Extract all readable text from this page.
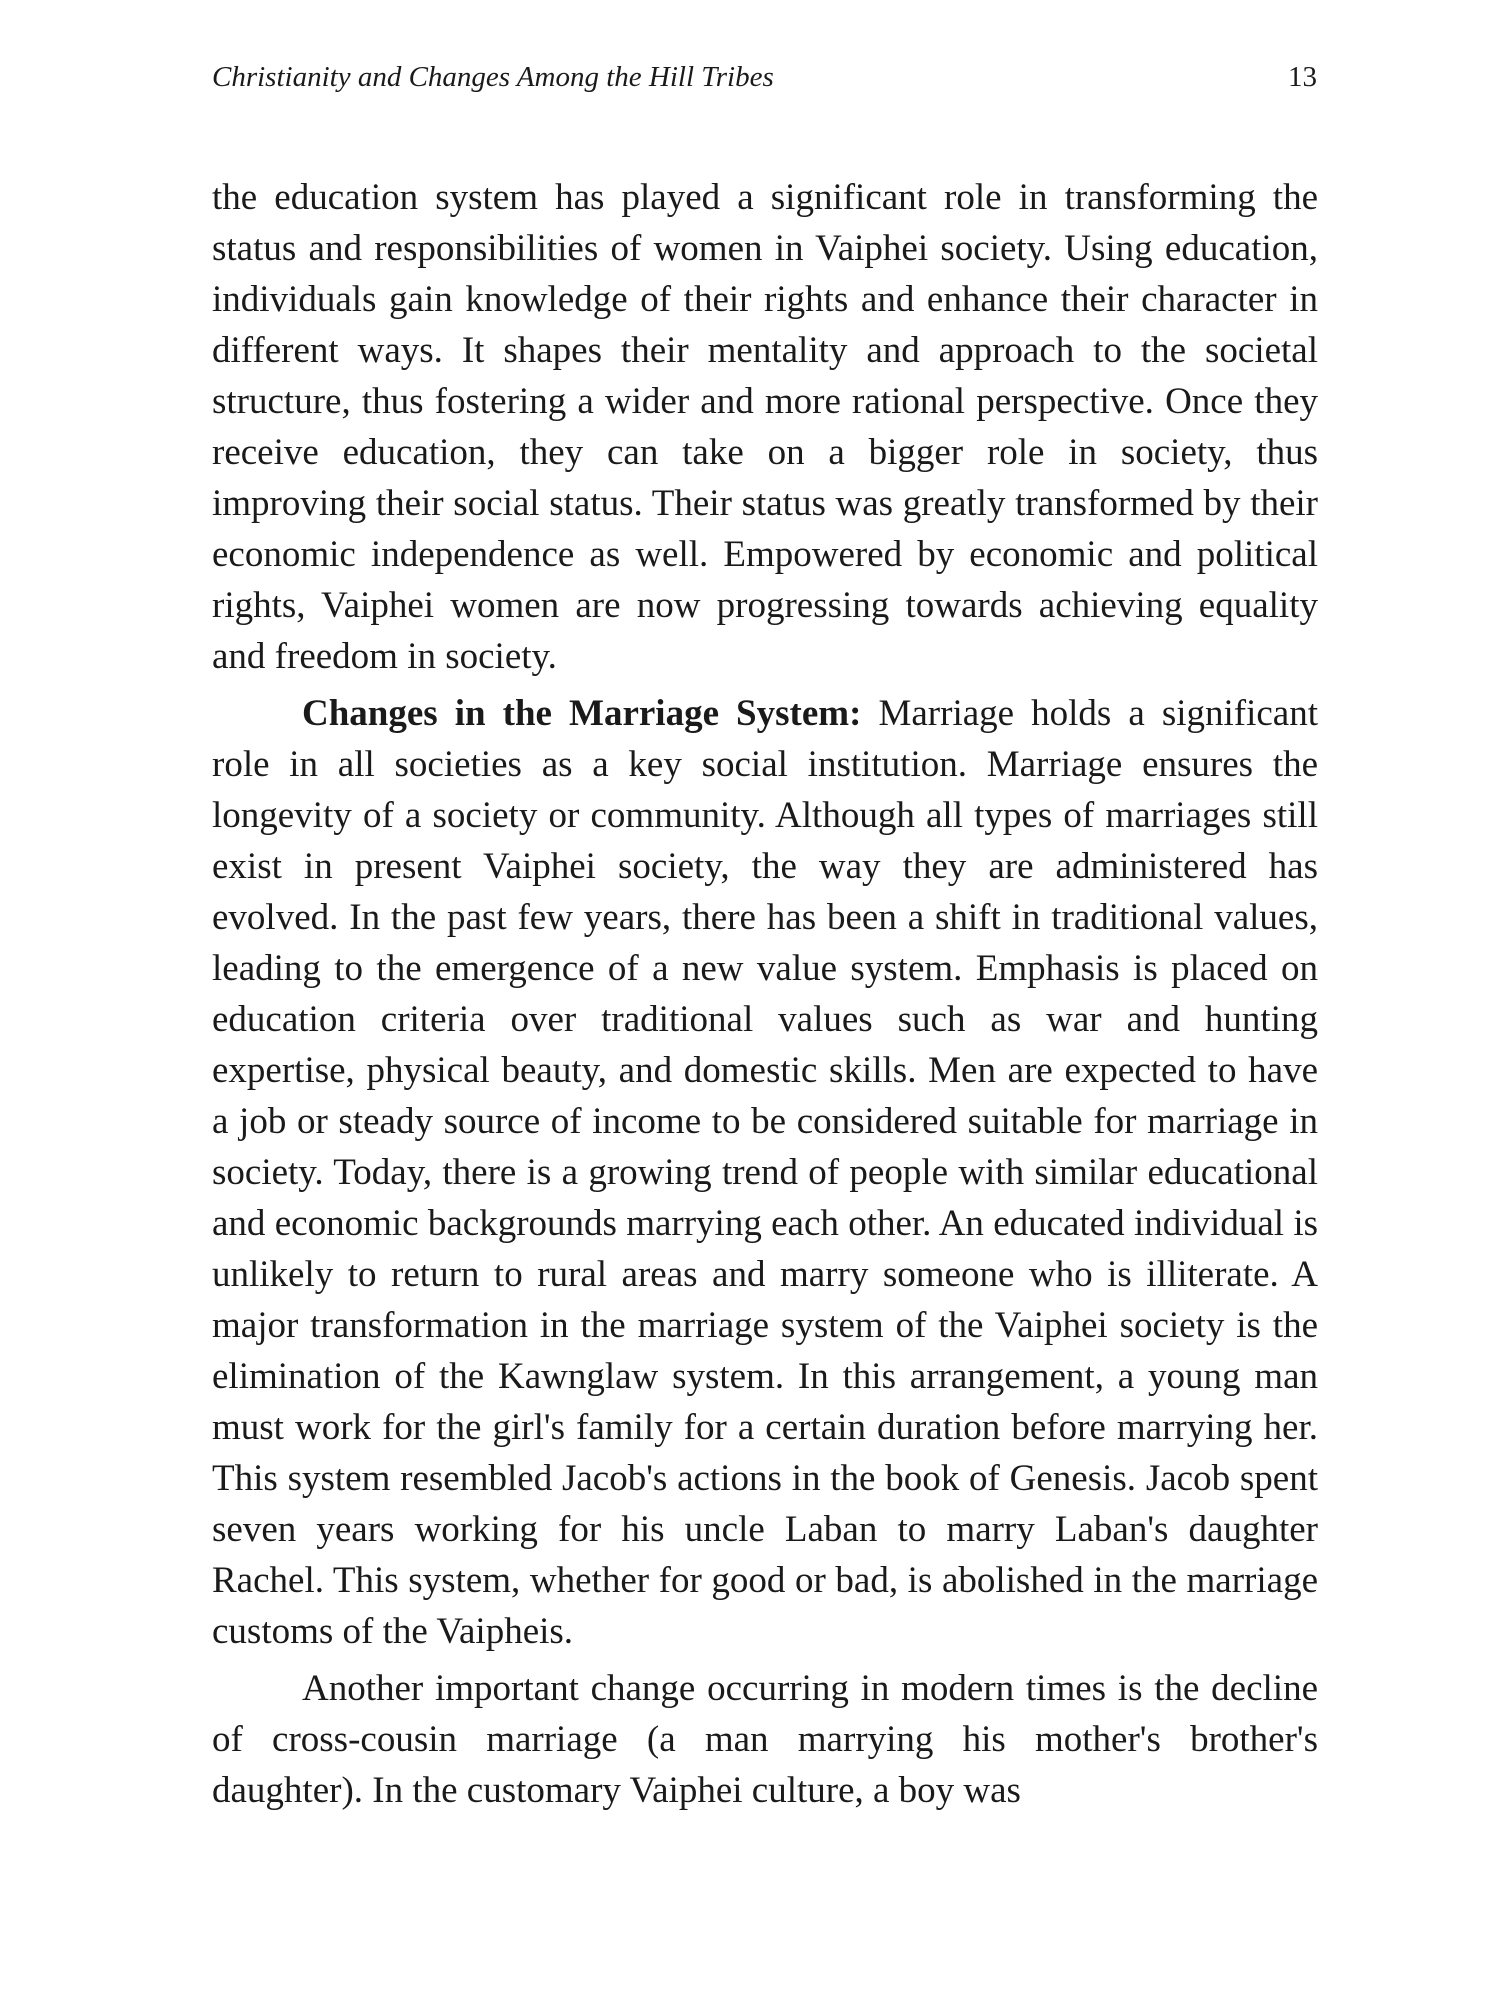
Christianity and Changes Among the Hill Tribes	13

the education system has played a significant role in transforming the status and responsibilities of women in Vaiphei society. Using education, individuals gain knowledge of their rights and enhance their character in different ways. It shapes their mentality and approach to the societal structure, thus fostering a wider and more rational perspective. Once they receive education, they can take on a bigger role in society, thus improving their social status. Their status was greatly transformed by their economic independence as well. Empowered by economic and political rights, Vaiphei women are now progressing towards achieving equality and freedom in society.

Changes in the Marriage System: Marriage holds a significant role in all societies as a key social institution. Marriage ensures the longevity of a society or community. Although all types of marriages still exist in present Vaiphei society, the way they are administered has evolved. In the past few years, there has been a shift in traditional values, leading to the emergence of a new value system. Emphasis is placed on education criteria over traditional values such as war and hunting expertise, physical beauty, and domestic skills. Men are expected to have a job or steady source of income to be considered suitable for marriage in society. Today, there is a growing trend of people with similar educational and economic backgrounds marrying each other. An educated individual is unlikely to return to rural areas and marry someone who is illiterate. A major transformation in the marriage system of the Vaiphei society is the elimination of the Kawnglaw system. In this arrangement, a young man must work for the girl's family for a certain duration before marrying her. This system resembled Jacob's actions in the book of Genesis. Jacob spent seven years working for his uncle Laban to marry Laban's daughter Rachel. This system, whether for good or bad, is abolished in the marriage customs of the Vaipheis.

Another important change occurring in modern times is the decline of cross-cousin marriage (a man marrying his mother's brother's daughter). In the customary Vaiphei culture, a boy was
